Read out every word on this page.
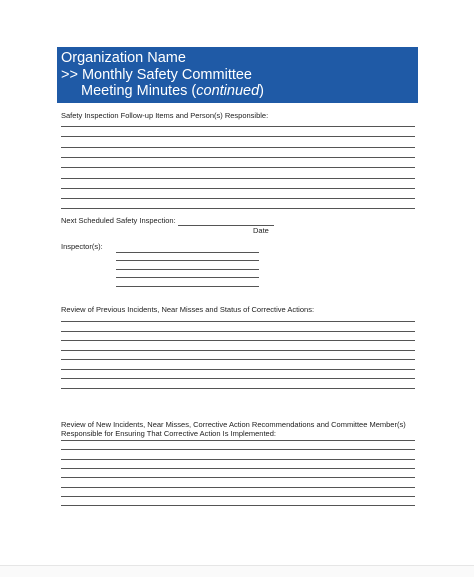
Organization Name
>> Monthly Safety Committee
Meeting Minutes (continued)
Safety Inspection Follow-up Items and Person(s) Responsible:
Next Scheduled Safety Inspection:
Date
Inspector(s):
Review of Previous Incidents, Near Misses and Status of Corrective Actions:
Review of New Incidents, Near Misses, Corrective Action Recommendations and Committee Member(s)
Responsible for Ensuring That Corrective Action Is Implemented:
